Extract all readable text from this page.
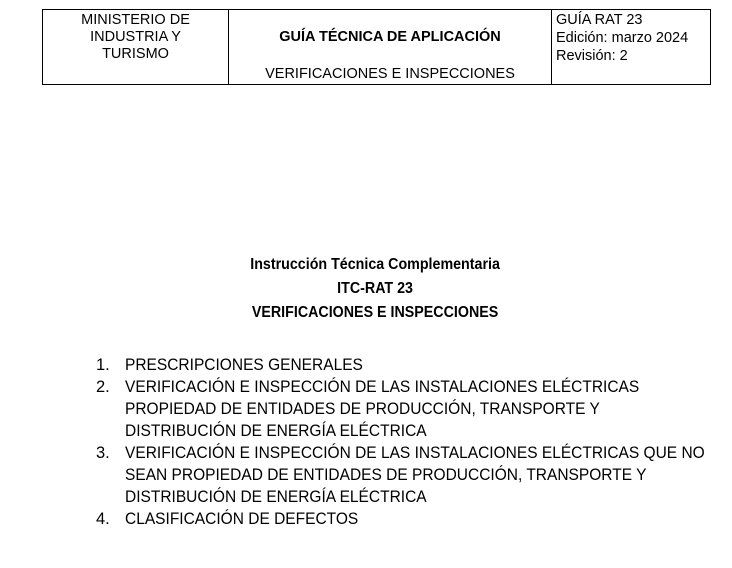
MINISTERIO DE
INDUSTRIA Y
TURISMO
GUÍA TÉCNICA DE APLICACIÓN
VERIFICACIONES E INSPECCIONES
GUÍA RAT 23
Edición: marzo 2024
Revisión: 2
Instrucción Técnica Complementaria
ITC-RAT 23
VERIFICACIONES E INSPECCIONES
1. PRESCRIPCIONES GENERALES
2. VERIFICACIÓN E INSPECCIÓN DE LAS INSTALACIONES ELÉCTRICAS
PROPIEDAD DE ENTIDADES DE PRODUCCIÓN, TRANSPORTE Y
DISTRIBUCIÓN DE ENERGÍA ELÉCTRICA
3. VERIFICACIÓN E INSPECCIÓN DE LAS INSTALACIONES ELÉCTRICAS QUE NO
SEAN PROPIEDAD DE ENTIDADES DE PRODUCCIÓN, TRANSPORTE Y
DISTRIBUCIÓN DE ENERGÍA ELÉCTRICA
4. CLASIFICACIÓN DE DEFECTOS
